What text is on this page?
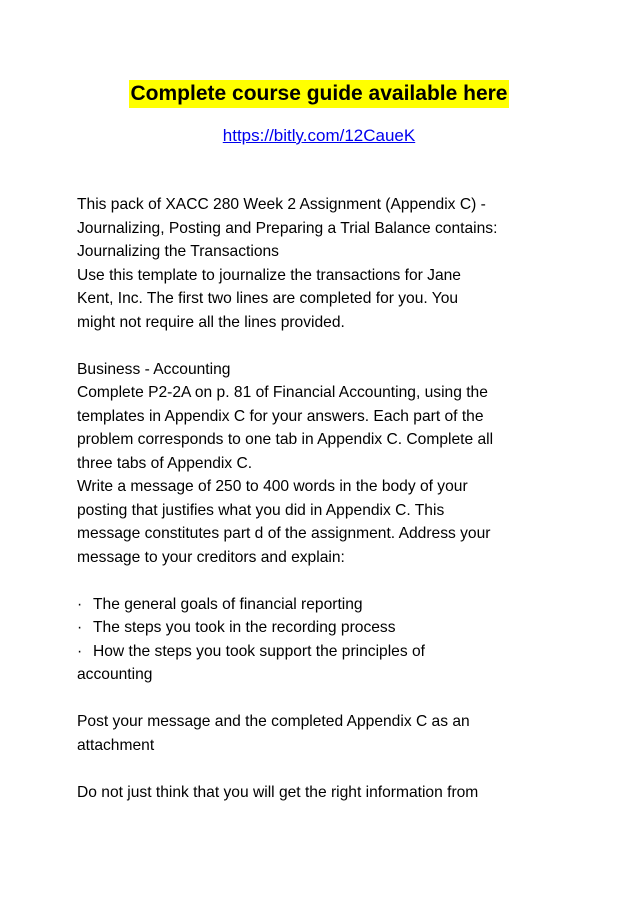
Complete course guide available here
https://bitly.com/12CaueK

This pack of XACC 280 Week 2 Assignment (Appendix C) -

Journalizing, Posting and Preparing a Trial Balance contains:

Journalizing the Transactions

Use this template to journalize the transactions for Jane

Kent, Inc. The first two lines are completed for you. You

might not require all the lines provided.

Business - Accounting

Complete P2-2A on p. 81 of Financial Accounting, using the

templates in Appendix C for your answers. Each part of the

problem corresponds to one tab in Appendix C. Complete all

three tabs of Appendix C.

Write a message of 250 to 400 words in the body of your

posting that justifies what you did in Appendix C. This

message constitutes part d of the assignment. Address your

message to your creditors and explain:

· The general goals of financial reporting
· The steps you took in the recording process
· How the steps you took support the principles of
accounting

Post your message and the completed Appendix C as an

attachment

Do not just think that you will get the right information from
